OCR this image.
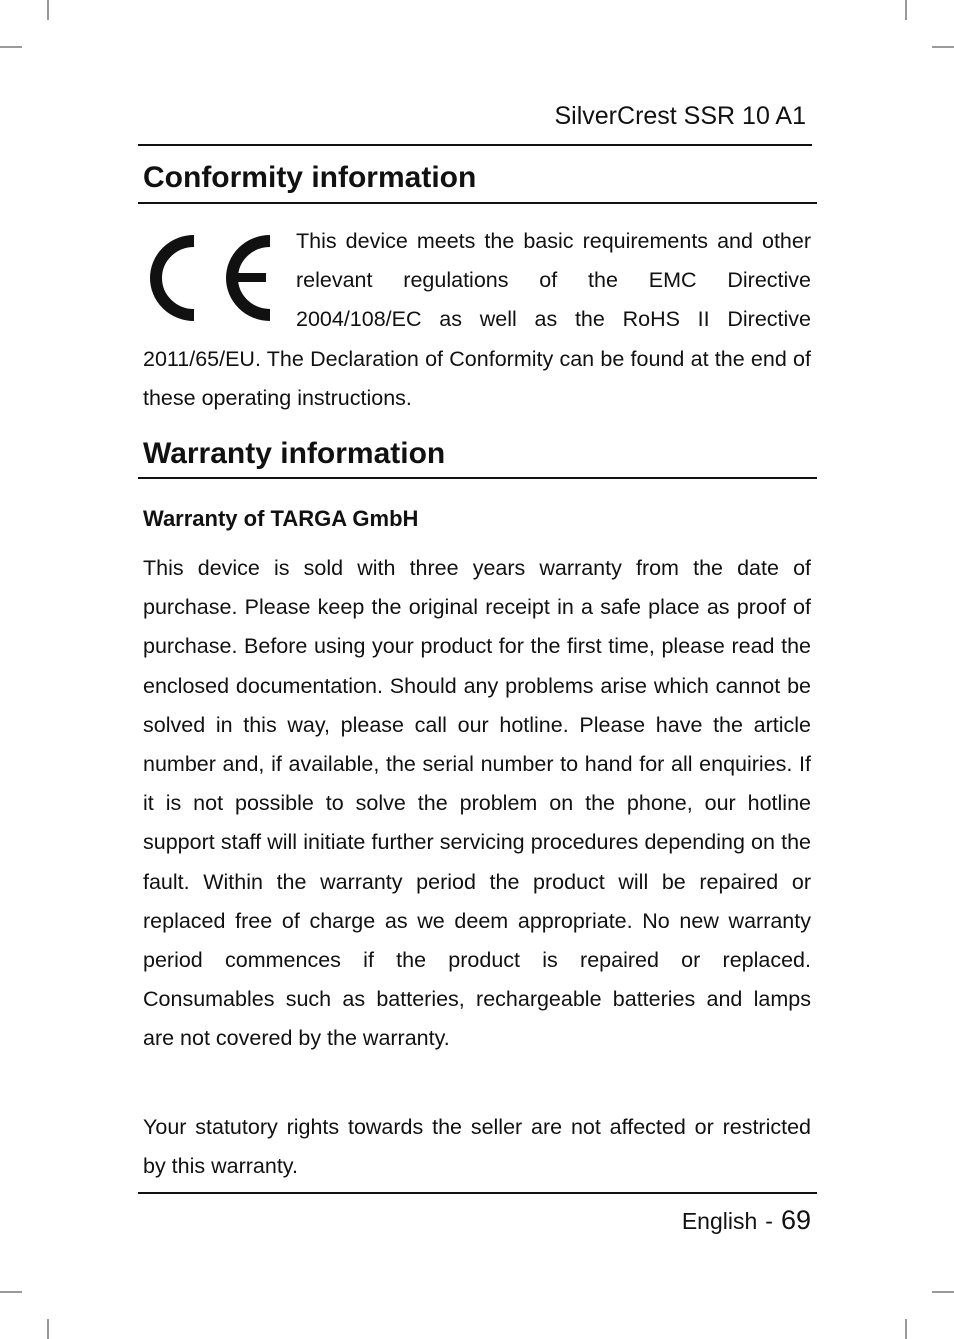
SilverCrest SSR 10 A1
Conformity information

This device meets the basic requirements and other relevant regulations of the EMC Directive 2004/108/EC as well as the RoHS II Directive 2011/65/EU. The Declaration of Conformity can be found at the end of these operating instructions.

Warranty information
Warranty of TARGA GmbH

This device is sold with three years warranty from the date of purchase. Please keep the original receipt in a safe place as proof of purchase. Before using your product for the first time, please read the enclosed documentation. Should any problems arise which cannot be solved in this way, please call our hotline. Please have the article number and, if available, the serial number to hand for all enquiries. If it is not possible to solve the problem on the phone, our hotline support staff will initiate further servicing procedures depending on the fault. Within the warranty period the product will be repaired or replaced free of charge as we deem appropriate. No new warranty period commences if the product is repaired or replaced. Consumables such as batteries, rechargeable batteries and lamps are not covered by the warranty.

Your statutory rights towards the seller are not affected or restricted by this warranty.

English - 69
